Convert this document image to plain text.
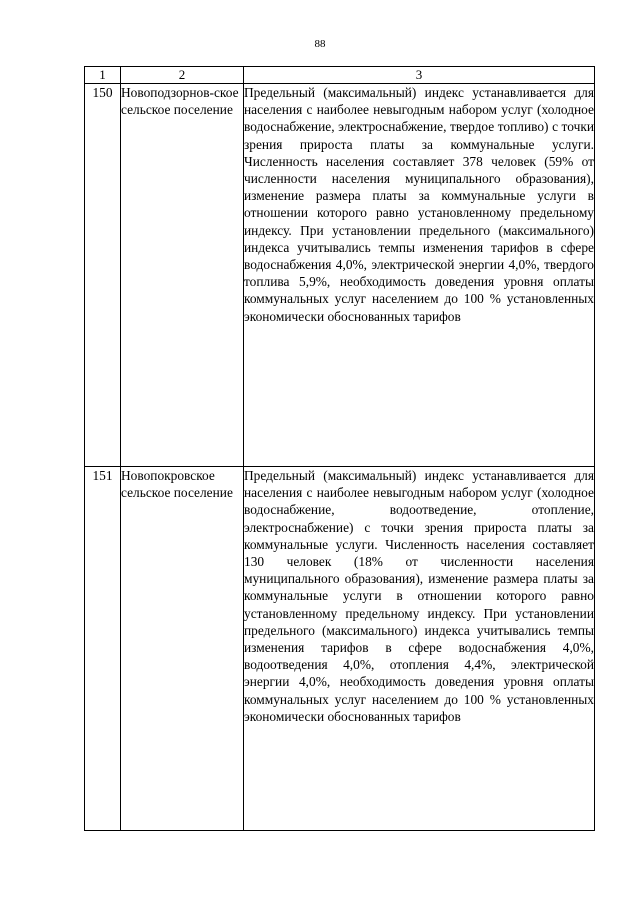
88
1	2	3
150	Новоподзорнов-ское сельское поселение	Предельный (максимальный) индекс устанавливается для населения с наиболее невыгодным набором услуг (холодное водоснабжение, электроснабжение, твердое топливо) с точки зрения прироста платы за коммунальные услуги. Численность населения составляет 378 человек (59% от численности населения муниципального образования), изменение размера платы за коммунальные услуги в отношении которого равно установленному предельному индексу. При установлении предельного (максимального) индекса учитывались темпы изменения тарифов в сфере водоснабжения 4,0%, электрической энергии 4,0%, твердого топлива 5,9%, необходимость доведения уровня оплаты коммунальных услуг населением до 100 % установленных экономически обоснованных тарифов

151	Новопокровское сельское поселение	Предельный (максимальный) индекс устанавливается для населения с наиболее невыгодным набором услуг (холодное водоснабжение, водоотведение, отопление, электроснабжение) с точки зрения прироста платы за коммунальные услуги. Численность населения составляет 130 человек (18% от численности населения муниципального образования), изменение размера платы за коммунальные услуги в отношении которого равно установленному предельному индексу. При установлении предельного (максимального) индекса учитывались темпы изменения тарифов в сфере водоснабжения 4,0%, водоотведения 4,0%, отопления 4,4%, электрической энергии 4,0%, необходимость доведения уровня оплаты коммунальных услуг населением до 100 % установленных экономически обоснованных тарифов
